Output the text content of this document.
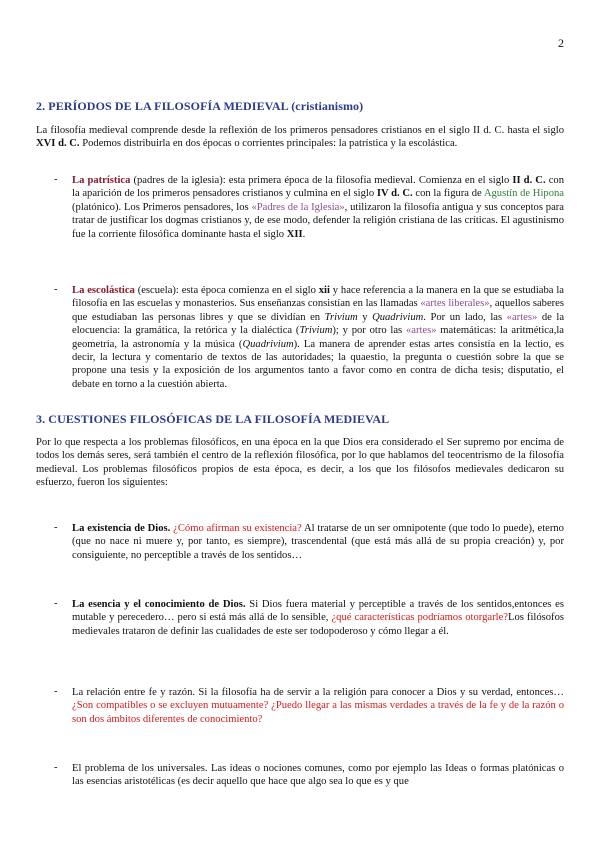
2
2. PERÍODOS DE LA FILOSOFÍA MEDIEVAL (cristianismo)
La filosofía medieval comprende desde la reflexión de los primeros pensadores cristianos en el siglo II d. C. hasta el siglo XVI d. C. Podemos distribuirla en dos épocas o corrientes principales: la patrística y la escolástica.
- La patrística (padres de la iglesia): esta primera época de la filosofía medieval. Comienza en el siglo II d. C. con la aparición de los primeros pensadores cristianos y culmina en el siglo IV d. C. con la figura de Agustín de Hipona (platónico). Los Primeros pensadores, los «Padres de la Iglesia», utilizaron la filosofía antigua y sus conceptos para tratar de justificar los dogmas cristianos y, de ese modo, defender la religión cristiana de las críticas. El agustinismo fue la corriente filosófica dominante hasta el siglo XII.
- La escolástica (escuela): esta época comienza en el siglo xii y hace referencia a la manera en la que se estudiaba la filosofía en las escuelas y monasterios. Sus enseñanzas consistían en las llamadas «artes liberales», aquellos saberes que estudiaban las personas libres y que se dividían en Trivium y Quadrivium. Por un lado, las «artes» de la elocuencia: la gramática, la retórica y la dialéctica (Trivium); y por otro las «artes» matemáticas: la aritmética,la geometría, la astronomía y la música (Quadrivium). La manera de aprender estas artes consistía en la lectio, es decir, la lectura y comentario de textos de las autoridades; la quaestio, la pregunta o cuestión sobre la que se propone una tesis y la exposición de los argumentos tanto a favor como en contra de dicha tesis; disputatio, el debate en torno a la cuestión abierta.
3. CUESTIONES FILOSÓFICAS DE LA FILOSOFÍA MEDIEVAL
Por lo que respecta a los problemas filosóficos, en una época en la que Dios era considerado el Ser supremo por encima de todos los demás seres, será también el centro de la reflexión filosófica, por lo que hablamos del teocentrismo de la filosofía medieval. Los problemas filosóficos propios de esta época, es decir, a los que los filósofos medievales dedicaron su esfuerzo, fueron los siguientes:
- La existencia de Dios. ¿Cómo afirman su existencia? Al tratarse de un ser omnipotente (que todo lo puede), eterno (que no nace ni muere y, por tanto, es siempre), trascendental (que está más allá de su propia creación) y, por consiguiente, no perceptible a través de los sentidos…
- La esencia y el conocimiento de Dios. Si Dios fuera material y perceptible a través de los sentidos,entonces es mutable y perecedero… pero si está más allá de lo sensible, ¿qué características podríamos otorgarle?Los filósofos medievales trataron de definir las cualidades de este ser todopoderoso y cómo llegar a él.
- La relación entre fe y razón. Si la filosofía ha de servir a la religión para conocer a Dios y su verdad, entonces… ¿Son compatibles o se excluyen mutuamente? ¿Puedo llegar a las mismas verdades a través de la fe y de la razón o son dos ámbitos diferentes de conocimiento?
- El problema de los universales. Las ideas o nociones comunes, como por ejemplo las Ideas o formas platónicas o las esencias aristotélicas (es decir aquello que hace que algo sea lo que es y que
